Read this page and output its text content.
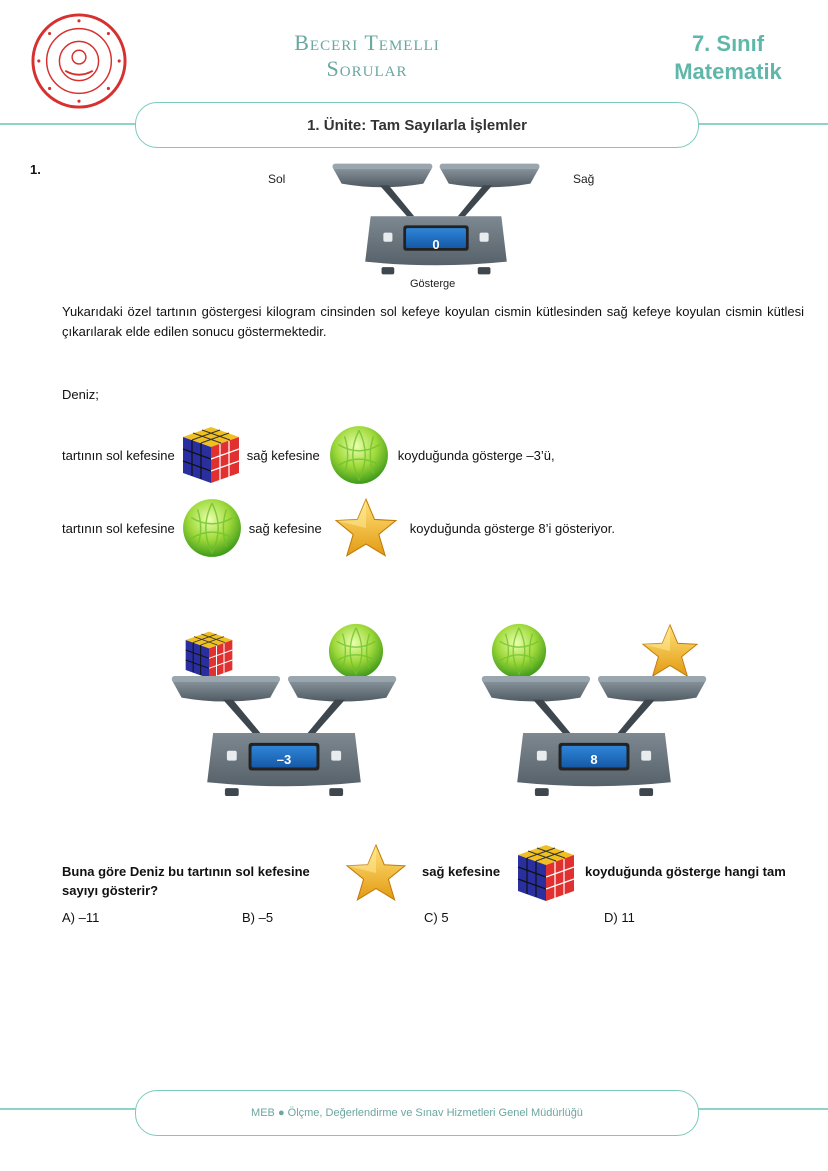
Beceri Temelli
Sorular
7. Sınıf
Matematik
1. Ünite: Tam Sayılarla İşlemler
1.
Sol	Sağ
0
Gösterge
Yukarıdaki özel tartının göstergesi kilogram cinsinden sol kefeye koyulan cismin kütlesinden sağ kefeye koyulan cismin kütlesi çıkarılarak elde edilen sonucu göstermektedir.
Deniz;
tartının sol kefesine	sağ kefesine	koyduğunda gösterge –3’ü,
tartının sol kefesine	sağ kefesine	koyduğunda gösterge 8’i gösteriyor.
–3	8
Buna göre Deniz bu tartının sol kefesine	sağ kefesine	koyduğunda gösterge hangi tam
sayıyı gösterir?
A) –11	B) –5	C) 5	D) 11
MEB ● Ölçme, Değerlendirme ve Sınav Hizmetleri Genel Müdürlüğü
